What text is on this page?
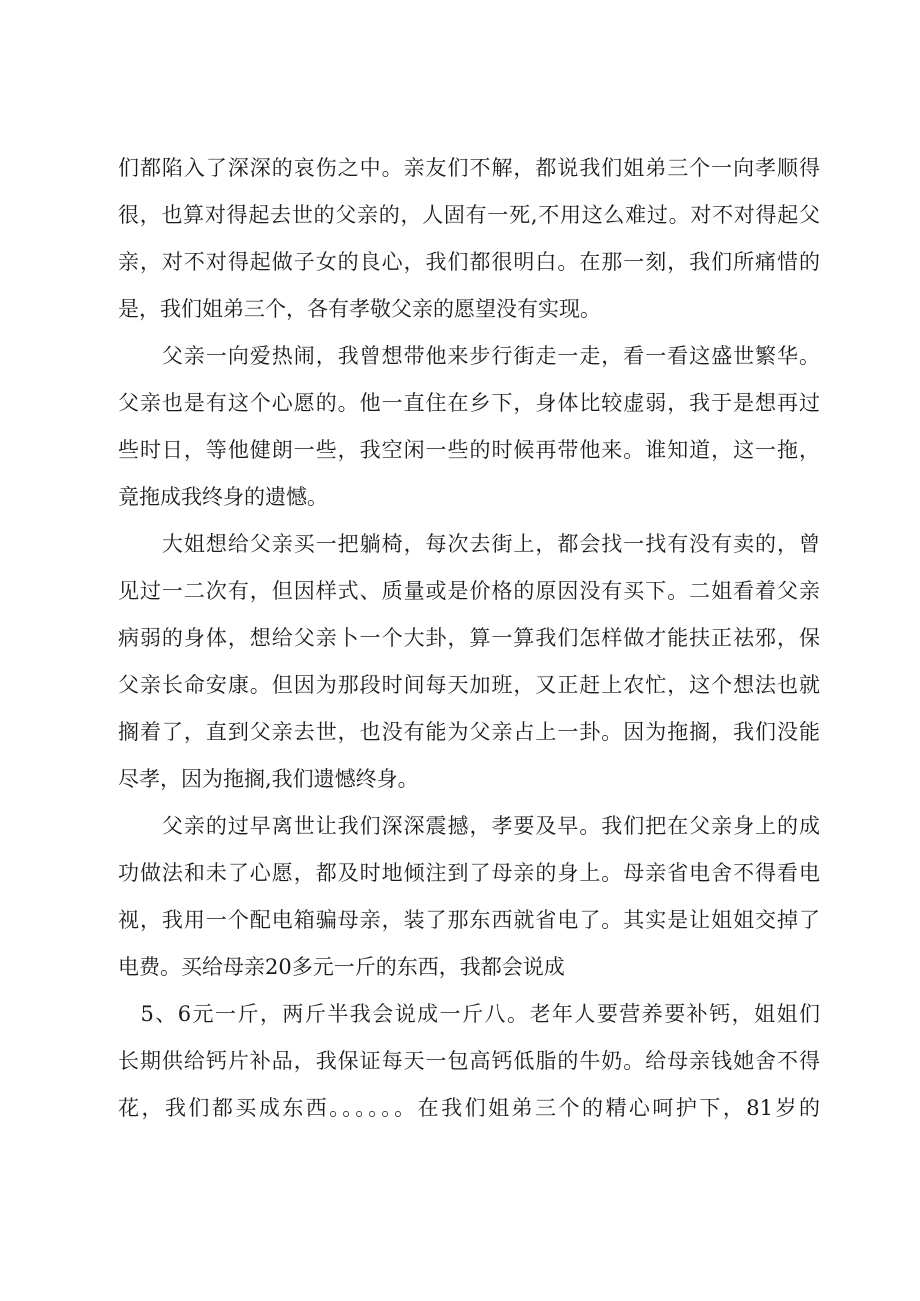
们都陷入了深深的哀伤之中。亲友们不解，都说我们姐弟三个一向孝顺得
很，也算对得起去世的父亲的，人固有一死,不用这么难过。对不对得起父
亲，对不对得起做子女的良心，我们都很明白。在那一刻，我们所痛惜的
是，我们姐弟三个，各有孝敬父亲的愿望没有实现。
　　父亲一向爱热闹，我曾想带他来步行街走一走，看一看这盛世繁华。
父亲也是有这个心愿的。他一直住在乡下，身体比较虚弱，我于是想再过
些时日，等他健朗一些，我空闲一些的时候再带他来。谁知道，这一拖，
竟拖成我终身的遗憾。
　　大姐想给父亲买一把躺椅，每次去街上，都会找一找有没有卖的，曾
见过一二次有，但因样式、质量或是价格的原因没有买下。二姐看着父亲
病弱的身体，想给父亲卜一个大卦，算一算我们怎样做才能扶正祛邪，保
父亲长命安康。但因为那段时间每天加班，又正赶上农忙，这个想法也就
搁着了，直到父亲去世，也没有能为父亲占上一卦。因为拖搁，我们没能
尽孝，因为拖搁,我们遗憾终身。
　　父亲的过早离世让我们深深震撼，孝要及早。我们把在父亲身上的成
功做法和未了心愿，都及时地倾注到了母亲的身上。母亲省电舍不得看电
视，我用一个配电箱骗母亲，装了那东西就省电了。其实是让姐姐交掉了
电费。买给母亲20多元一斤的东西，我都会说成
　5、6元一斤，两斤半我会说成一斤八。老年人要营养要补钙，姐姐们
长期供给钙片补品，我保证每天一包高钙低脂的牛奶。给母亲钱她舍不得
花，我们都买成东西。。。。。。在我们姐弟三个的精心呵护下，81岁的
